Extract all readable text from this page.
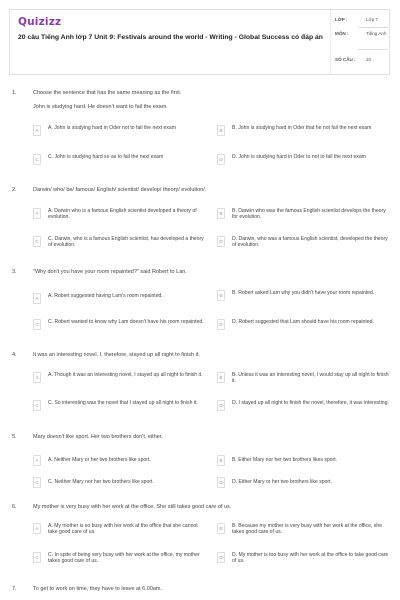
Quizizz
20 câu Tiếng Anh lớp 7 Unit 9: Festivals around the world - Writing - Global Success có đáp án
LỚP :	Lớp 7
MÔN :	Tiếng Anh
SỐ CÂU : 20
1.	Choose the sentence that has the same meaning as the first.
John is studying hard. He doesn’t want to fail the exam.
A	A. John is studying hard in Oder not to fail the next exam	B	B. John is studying hard in Oder that he not fail the next exam
C	C. John is studying hard so as to fail the next exam	D	D. John is studying hard in Oder to not to fail the next exam
2.	Darwin/ who/ be/ famous/ English/ scientist/ develop/ theory/ evolution/.
A	A. Darwin who is a famous English scientist developed a theory of evolution.
B	B. Darwin who was the famous English scientist develops the theory for evolution.
C	C. Darwin, who is a famous English scientist, has developed a theory of evolution.
D	D. Darwin, who was a famous English scientist, developed the theory of evolution.
3.	"Why don't you have your room repainted?" said Robert to Lan.
A	A. Robert suggested having Lam's room repainted.	B	B. Robert asked Lam why you didn't have your room repainted.
C	C. Robert wanted to know why Lam doesn't have his room repainted.	D	D. Robert suggested that Lam should have his room repainted.
4.	It was an interesting novel. I, therefore, stayed up all night to finish it.
A	A. Though it was an interesting novel, I stayed up all night to finish it.	B	B. Unless it was an interesting novel, I would stay up all night to finish it.
C	C. So interesting was the novel that I stayed up all night to finish it.	D	D. I stayed up all night to finish the novel, therefore, it was interesting.
5.	Mary doesn't like sport. Her two brothers don't, either.
A	A. Neither Mary or her two brothers like sport.	B	B. Either Mary nor her two brothers likes sport.
C	C. Neither Mary nor her two brothers like sport.	D	D. Either Mary or her two brothers like sport.
6.	My mother is very busy with her work at the office. She still takes good care of us.
A	A. My mother is so busy with her work at the office that she cannot take good care of us.
B	B. Because my mother is very busy with her work at the office, she takes good care of us.
C	C. In spite of being very busy with her work at the office, my mother takes good care of us.
D	D. My mother is too busy with her work at the office to take good care of us.
7.	To get to work on time, they have to leave at 6.00am.
